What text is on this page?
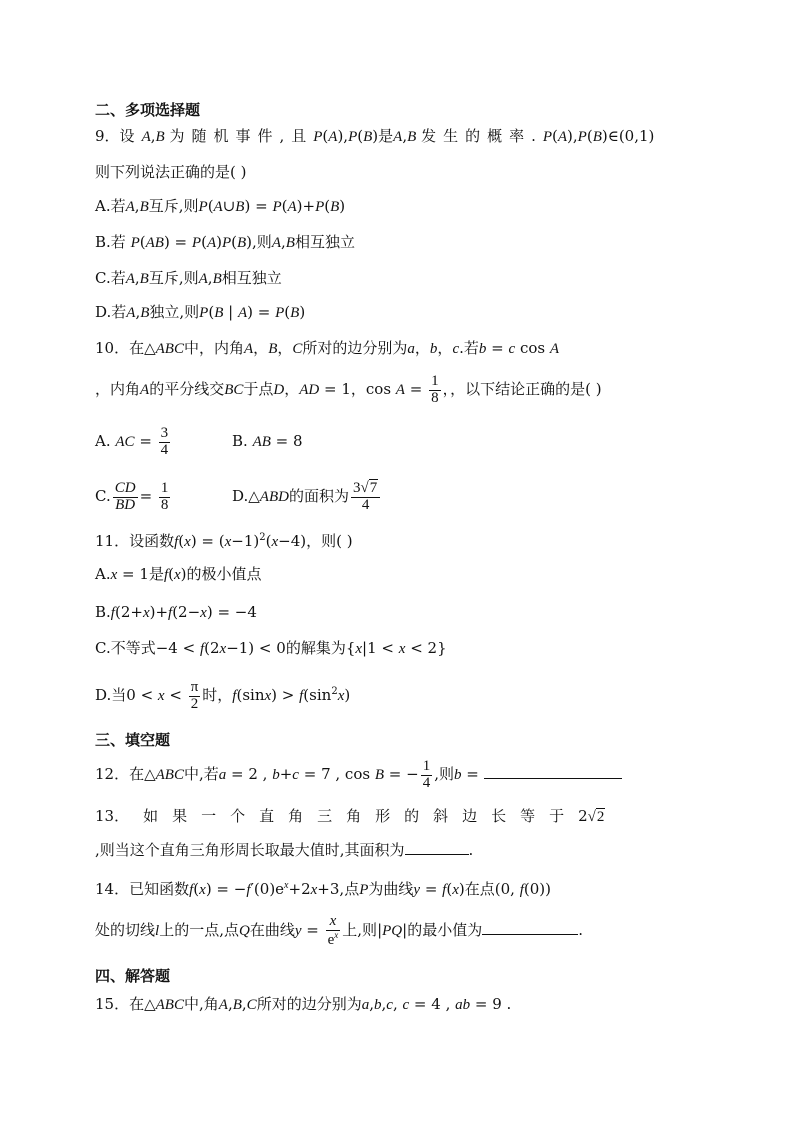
二、多项选择题
9．设A,B 为随机事件,且P(A),P(B)是A,B 发生的概率.P(A),P(B)∈(0,1)
则下列说法正确的是( )
A.若A,B互斥,则P(A∪B) = P(A)+P(B)
B.若 P(AB) = P(A)P(B),则A,B相互独立
C.若A,B互斥,则A,B相互独立
D.若A,B独立,则P(B | A) = P(B)
10．在△ABC中，内角A，B，C所对的边分别为a，b，c.若b = c cos A
，内角A的平分线交BC于点D，AD = 1，$\cos A = \frac{1}{8}$ ，，以下结论正确的是( )
A. AC = $\frac{3}{4}$	B. AB = 8
C. $\frac{CD}{BD} = \frac{1}{8}$	D.△ABD的面积为 $\frac{3√7}{4}$
11．设函数$f(x) = (x-1)^2(x-4)$，则( )
A.x = 1是f(x)的极小值点
B.f(2+x)+f(2−x) = −4
C.不等式−4 < f(2x−1) < 0的解集为{x|1 < x < 2}
D.当$0 < x < \frac{\pi}{2}$ 时，$f(\sin x) > f(\sin^2x)$
三、填空题
12．在△ABC中,若a = 2 , b+c = 7 , cos B = − $\frac{1}{4}$ ,则b =
13．如果一个直角三角形的斜边长等于2√2
,则当这个直角三角形周长取最大值时,其面积为	.
14．已知函数$f(x) = -f'(0)e^x+2x+3$,点P为曲线y = f(x)在点(0, f(0))
处的切线l上的一点,点Q在曲线$y = \frac{x}{e^x}$ 上,则|PQ|的最小值为	.
四、解答题
15．在△ABC中,角A,B,C所对的边分别为a,b,c, c = 4 , ab = 9 .
